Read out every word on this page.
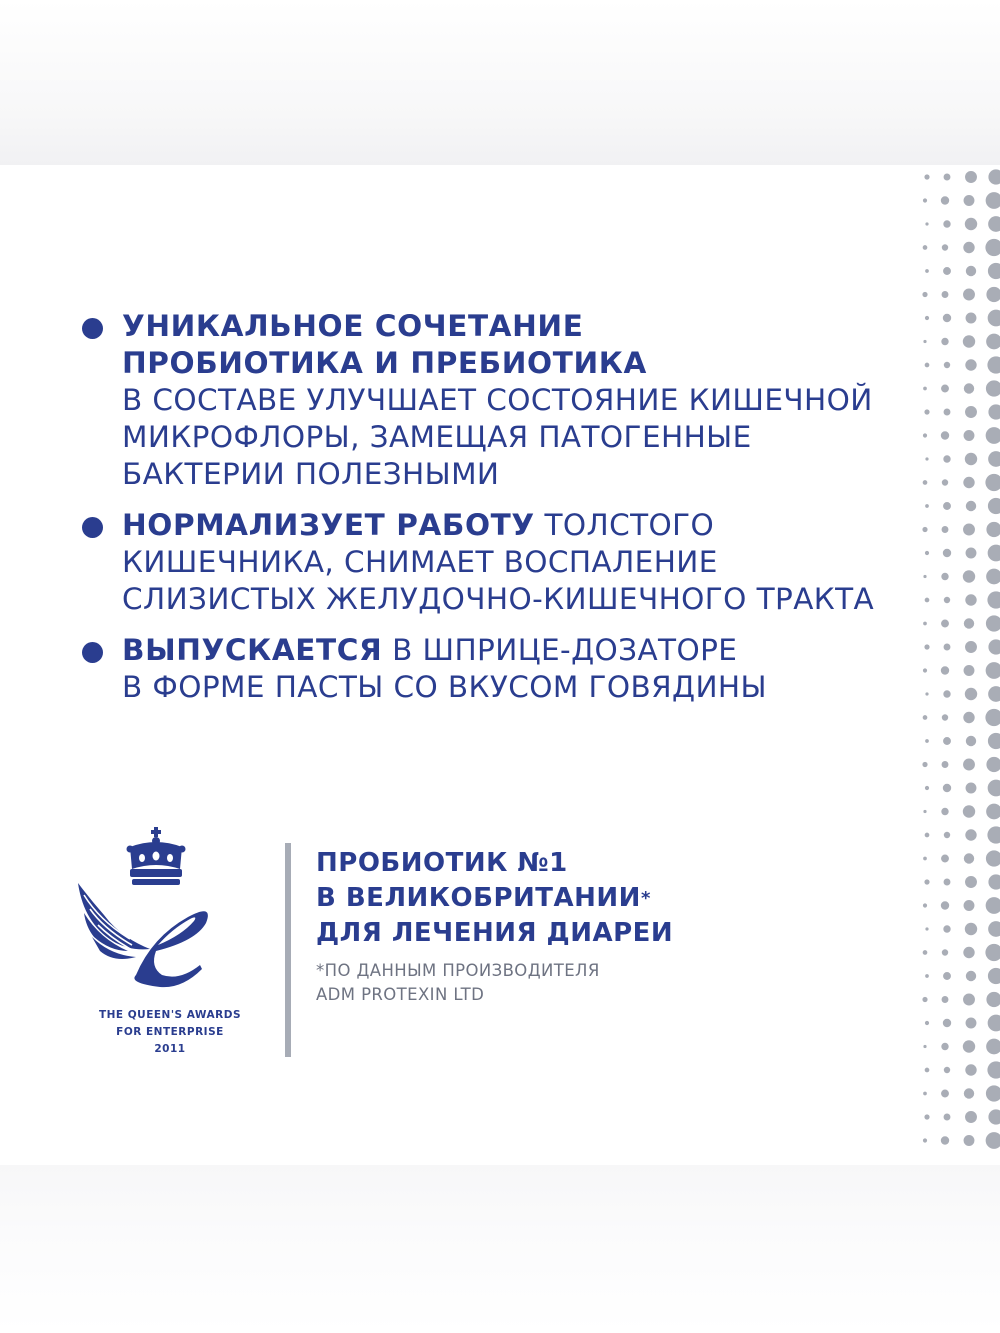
УНИКАЛЬНОЕ СОЧЕТАНИЕ
ПРОБИОТИКА И ПРЕБИОТИКА
В СОСТАВЕ УЛУЧШАЕТ СОСТОЯНИЕ КИШЕЧНОЙ
МИКРОФЛОРЫ, ЗАМЕЩАЯ ПАТОГЕННЫЕ
БАКТЕРИИ ПОЛЕЗНЫМИ
НОРМАЛИЗУЕТ РАБОТУ ТОЛСТОГО
КИШЕЧНИКА, СНИМАЕТ ВОСПАЛЕНИЕ
СЛИЗИСТЫХ ЖЕЛУДОЧНО-КИШЕЧНОГО ТРАКТА
ВЫПУСКАЕТСЯ В ШПРИЦЕ-ДОЗАТОРЕ
В ФОРМЕ ПАСТЫ СО ВКУСОМ ГОВЯДИНЫ
THE QUEEN'S AWARDS
FOR ENTERPRISE
2011
ПРОБИОТИК №1
В ВЕЛИКОБРИТАНИИ*
ДЛЯ ЛЕЧЕНИЯ ДИАРЕИ
*ПО ДАННЫМ ПРОИЗВОДИТЕЛЯ
ADM PROTEXIN LTD
